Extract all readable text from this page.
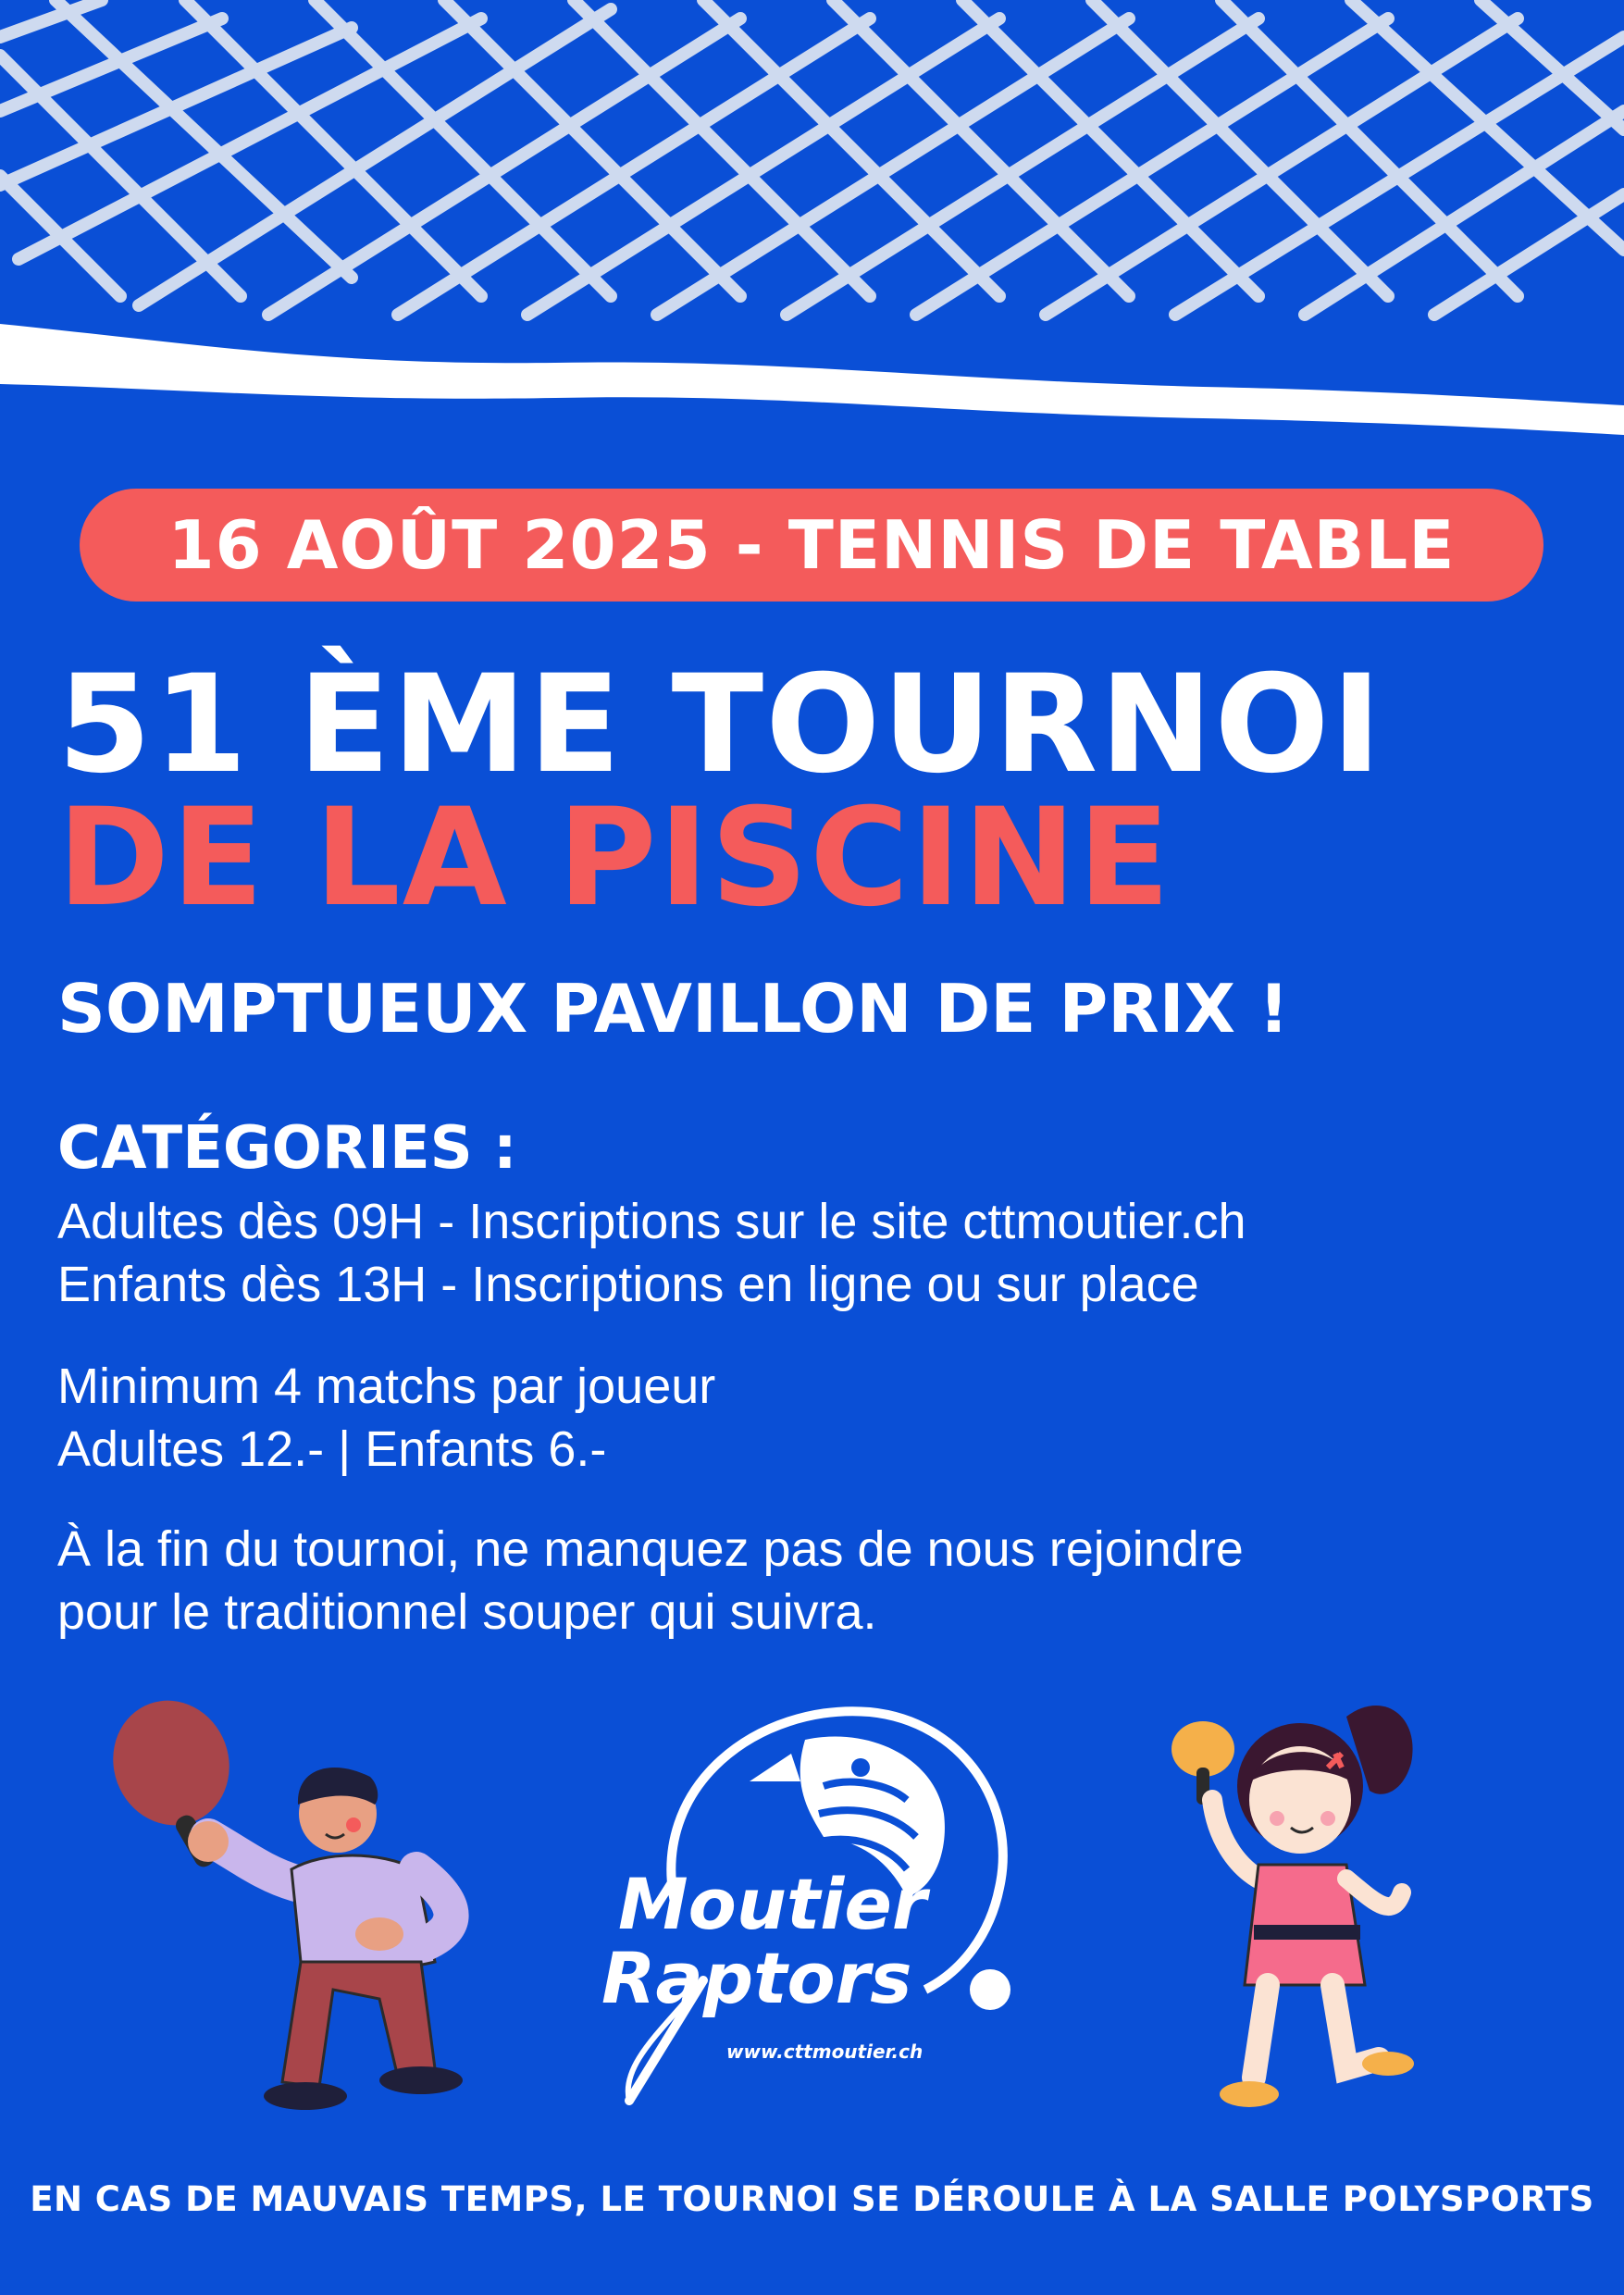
16 AOÛT 2025 - TENNIS DE TABLE
51 ÈME TOURNOI
DE LA PISCINE
SOMPTUEUX PAVILLON DE PRIX !
CATÉGORIES :
Adultes dès 09H - Inscriptions sur le site cttmoutier.ch
Enfants dès 13H - Inscriptions en ligne ou sur place
Minimum 4 matchs par joueur
Adultes 12.- | Enfants 6.-
À la fin du tournoi, ne manquez pas de nous rejoindre
pour le traditionnel souper qui suivra.
Moutier
Raptors
www.cttmoutier.ch
EN CAS DE MAUVAIS TEMPS, LE TOURNOI SE DÉROULE À LA SALLE POLYSPORTS
